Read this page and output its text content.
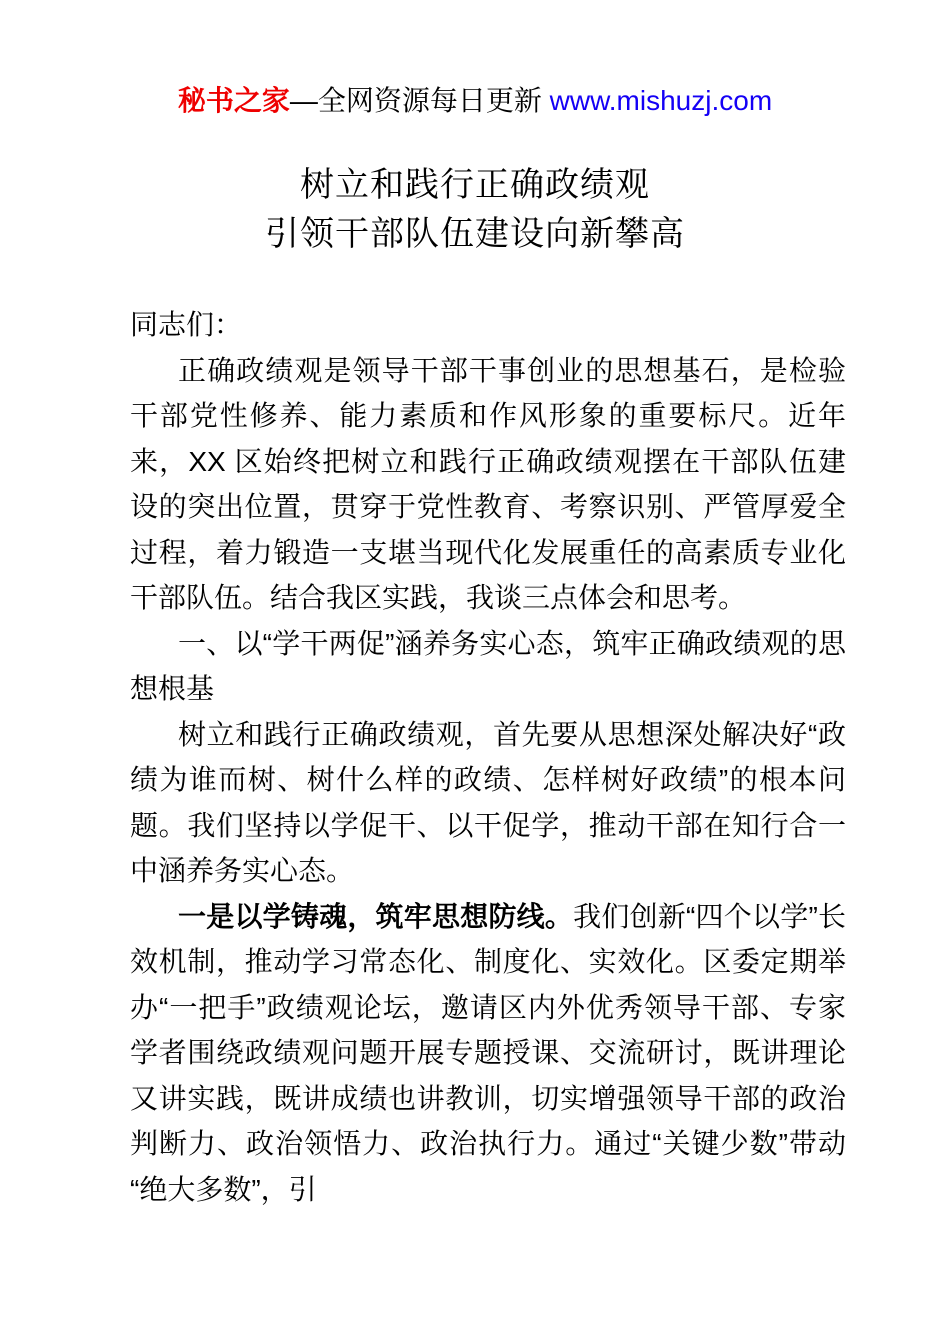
秘书之家—全网资源每日更新 www.mishuzj.com
树立和践行正确政绩观
引领干部队伍建设向新攀高

同志们：

正确政绩观是领导干部干事创业的思想基石，是检验干部党性修养、能力素质和作风形象的重要标尺。近年来，XX 区始终把树立和践行正确政绩观摆在干部队伍建设的突出位置，贯穿于党性教育、考察识别、严管厚爱全过程，着力锻造一支堪当现代化发展重任的高素质专业化干部队伍。结合我区实践，我谈三点体会和思考。

一、以“学干两促”涵养务实心态，筑牢正确政绩观的思想根基

树立和践行正确政绩观，首先要从思想深处解决好“政绩为谁而树、树什么样的政绩、怎样树好政绩”的根本问题。我们坚持以学促干、以干促学，推动干部在知行合一中涵养务实心态。

一是以学铸魂，筑牢思想防线。我们创新“四个以学”长效机制，推动学习常态化、制度化、实效化。区委定期举办“一把手”政绩观论坛，邀请区内外优秀领导干部、专家学者围绕政绩观问题开展专题授课、交流研讨，既讲理论又讲实践，既讲成绩也讲教训，切实增强领导干部的政治判断力、政治领悟力、政治执行力。通过“关键少数”带动“绝大多数”，引
